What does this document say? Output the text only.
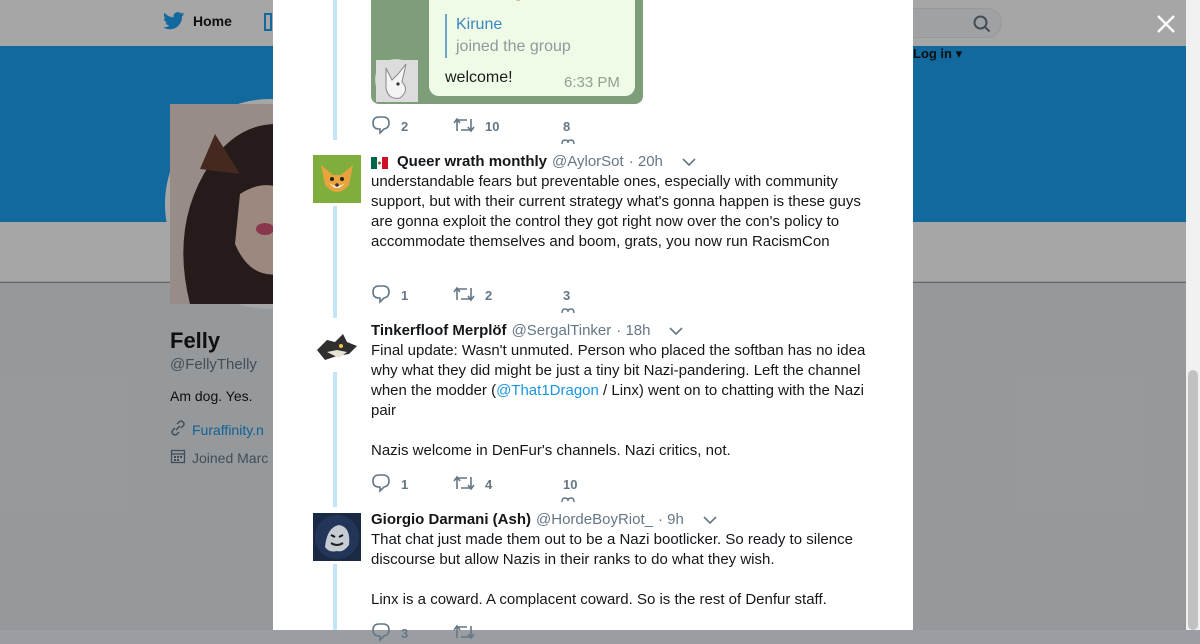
Home
Log in ▾
Felly
@FellyThelly
Am dog. Yes.
Furaffinity.n
Joined Marc
Kirune
joined the group
welcome!	6:33 PM
2	10	8
Queer wrath monthly @AylorSot · 20h
understandable fears but preventable ones, especially with community support, but with their current strategy what's gonna happen is these guys are gonna exploit the control they got right now over the con's policy to accommodate themselves and boom, grats, you now run RacismCon
1	2	3
Tinkerfloof Merplöf @SergalTinker · 18h
Final update: Wasn't unmuted. Person who placed the softban has no idea why what they did might be just a tiny bit Nazi-pandering. Left the channel when the modder (@That1Dragon / Linx) went on to chatting with the Nazi pair

Nazis welcome in DenFur's channels. Nazi critics, not.
1	4	10
Giorgio Darmani (Ash) @HordeBoyRiot_ · 9h
That chat just made them out to be a Nazi bootlicker. So ready to silence discourse but allow Nazis in their ranks to do what they wish.

Linx is a coward. A complacent coward. So is the rest of Denfur staff.
3
